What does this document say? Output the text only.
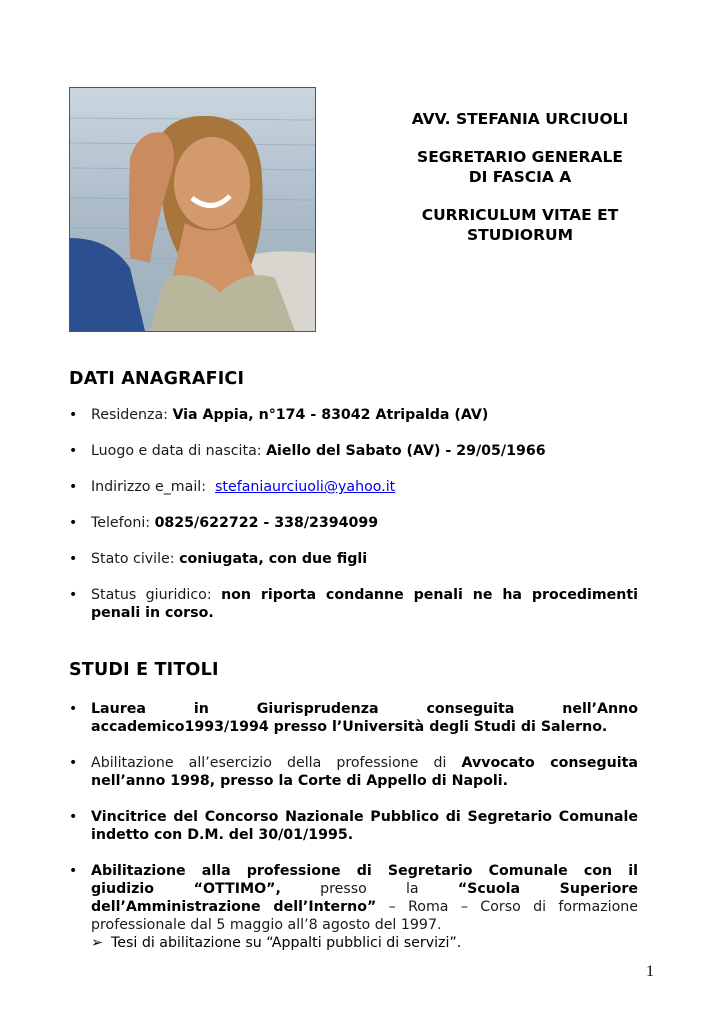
AVV. STEFANIA URCIUOLI
SEGRETARIO GENERALE
DI FASCIA A
CURRICULUM VITAE ET
STUDIORUM
DATI ANAGRAFICI
• Residenza: Via Appia, n°174 - 83042 Atripalda (AV)
• Luogo e data di nascita: Aiello del Sabato (AV) - 29/05/1966
• Indirizzo e_mail: stefaniaurciuoli@yahoo.it
• Telefoni: 0825/622722 - 338/2394099
• Stato civile: coniugata, con due figli
• Status giuridico: non riporta condanne penali ne ha procedimenti
penali in corso.
STUDI E TITOLI
• Laurea in Giurisprudenza conseguita nell’Anno
accademico1993/1994 presso l’Università degli Studi di Salerno.
• Abilitazione all’esercizio della professione di Avvocato conseguita
nell’anno 1998, presso la Corte di Appello di Napoli.
• Vincitrice del Concorso Nazionale Pubblico di Segretario Comunale
indetto con D.M. del 30/01/1995.
• Abilitazione alla professione di Segretario Comunale con il
giudizio “OTTIMO”,	presso la	“Scuola Superiore
dell’Amministrazione dell’Interno” – Roma – Corso di formazione
professionale dal 5 maggio all’8 agosto del 1997.
➢ Tesi di abilitazione su “Appalti pubblici di servizi”.
1
